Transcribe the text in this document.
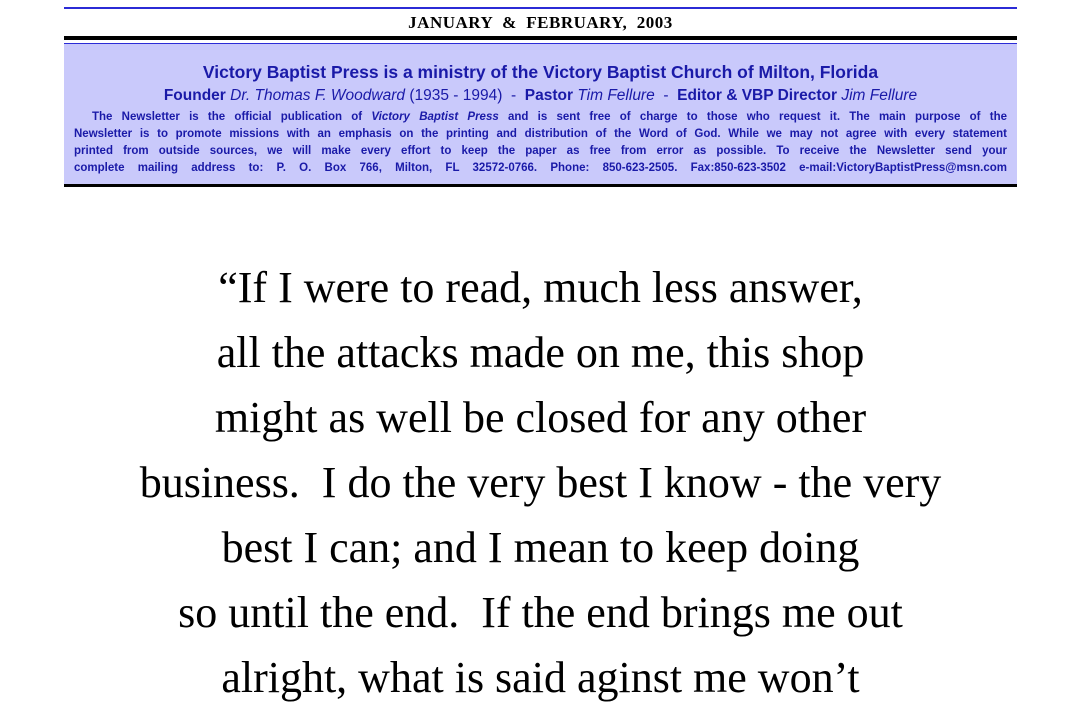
JANUARY  &  FEBRUARY,  2003
Victory Baptist Press is a ministry of the Victory Baptist Church of Milton, Florida
Founder Dr. Thomas F. Woodward (1935 - 1994)  -  Pastor Tim Fellure  -  Editor & VBP Director Jim Fellure
The Newsletter is the official publication of Victory Baptist Press and is sent free of charge to those who request it. The main purpose of the
Newsletter is to promote missions with an emphasis on the printing and distribution of the Word of God. While we may not agree with every statement
printed from outside sources, we will make every effort to keep the paper as free from error as possible. To receive the Newsletter send your
complete mailing address to: P. O. Box 766, Milton, FL 32572-0766. Phone: 850-623-2505. Fax:850-623-3502 e-mail:VictoryBaptistPress@msn.com
“If I were to read, much less answer,
all the attacks made on me, this shop
might as well be closed for any other
business.  I do the very best I know - the very
best I can; and I mean to keep doing
so until the end.  If the end brings me out
alright, what is said aginst me won’t
